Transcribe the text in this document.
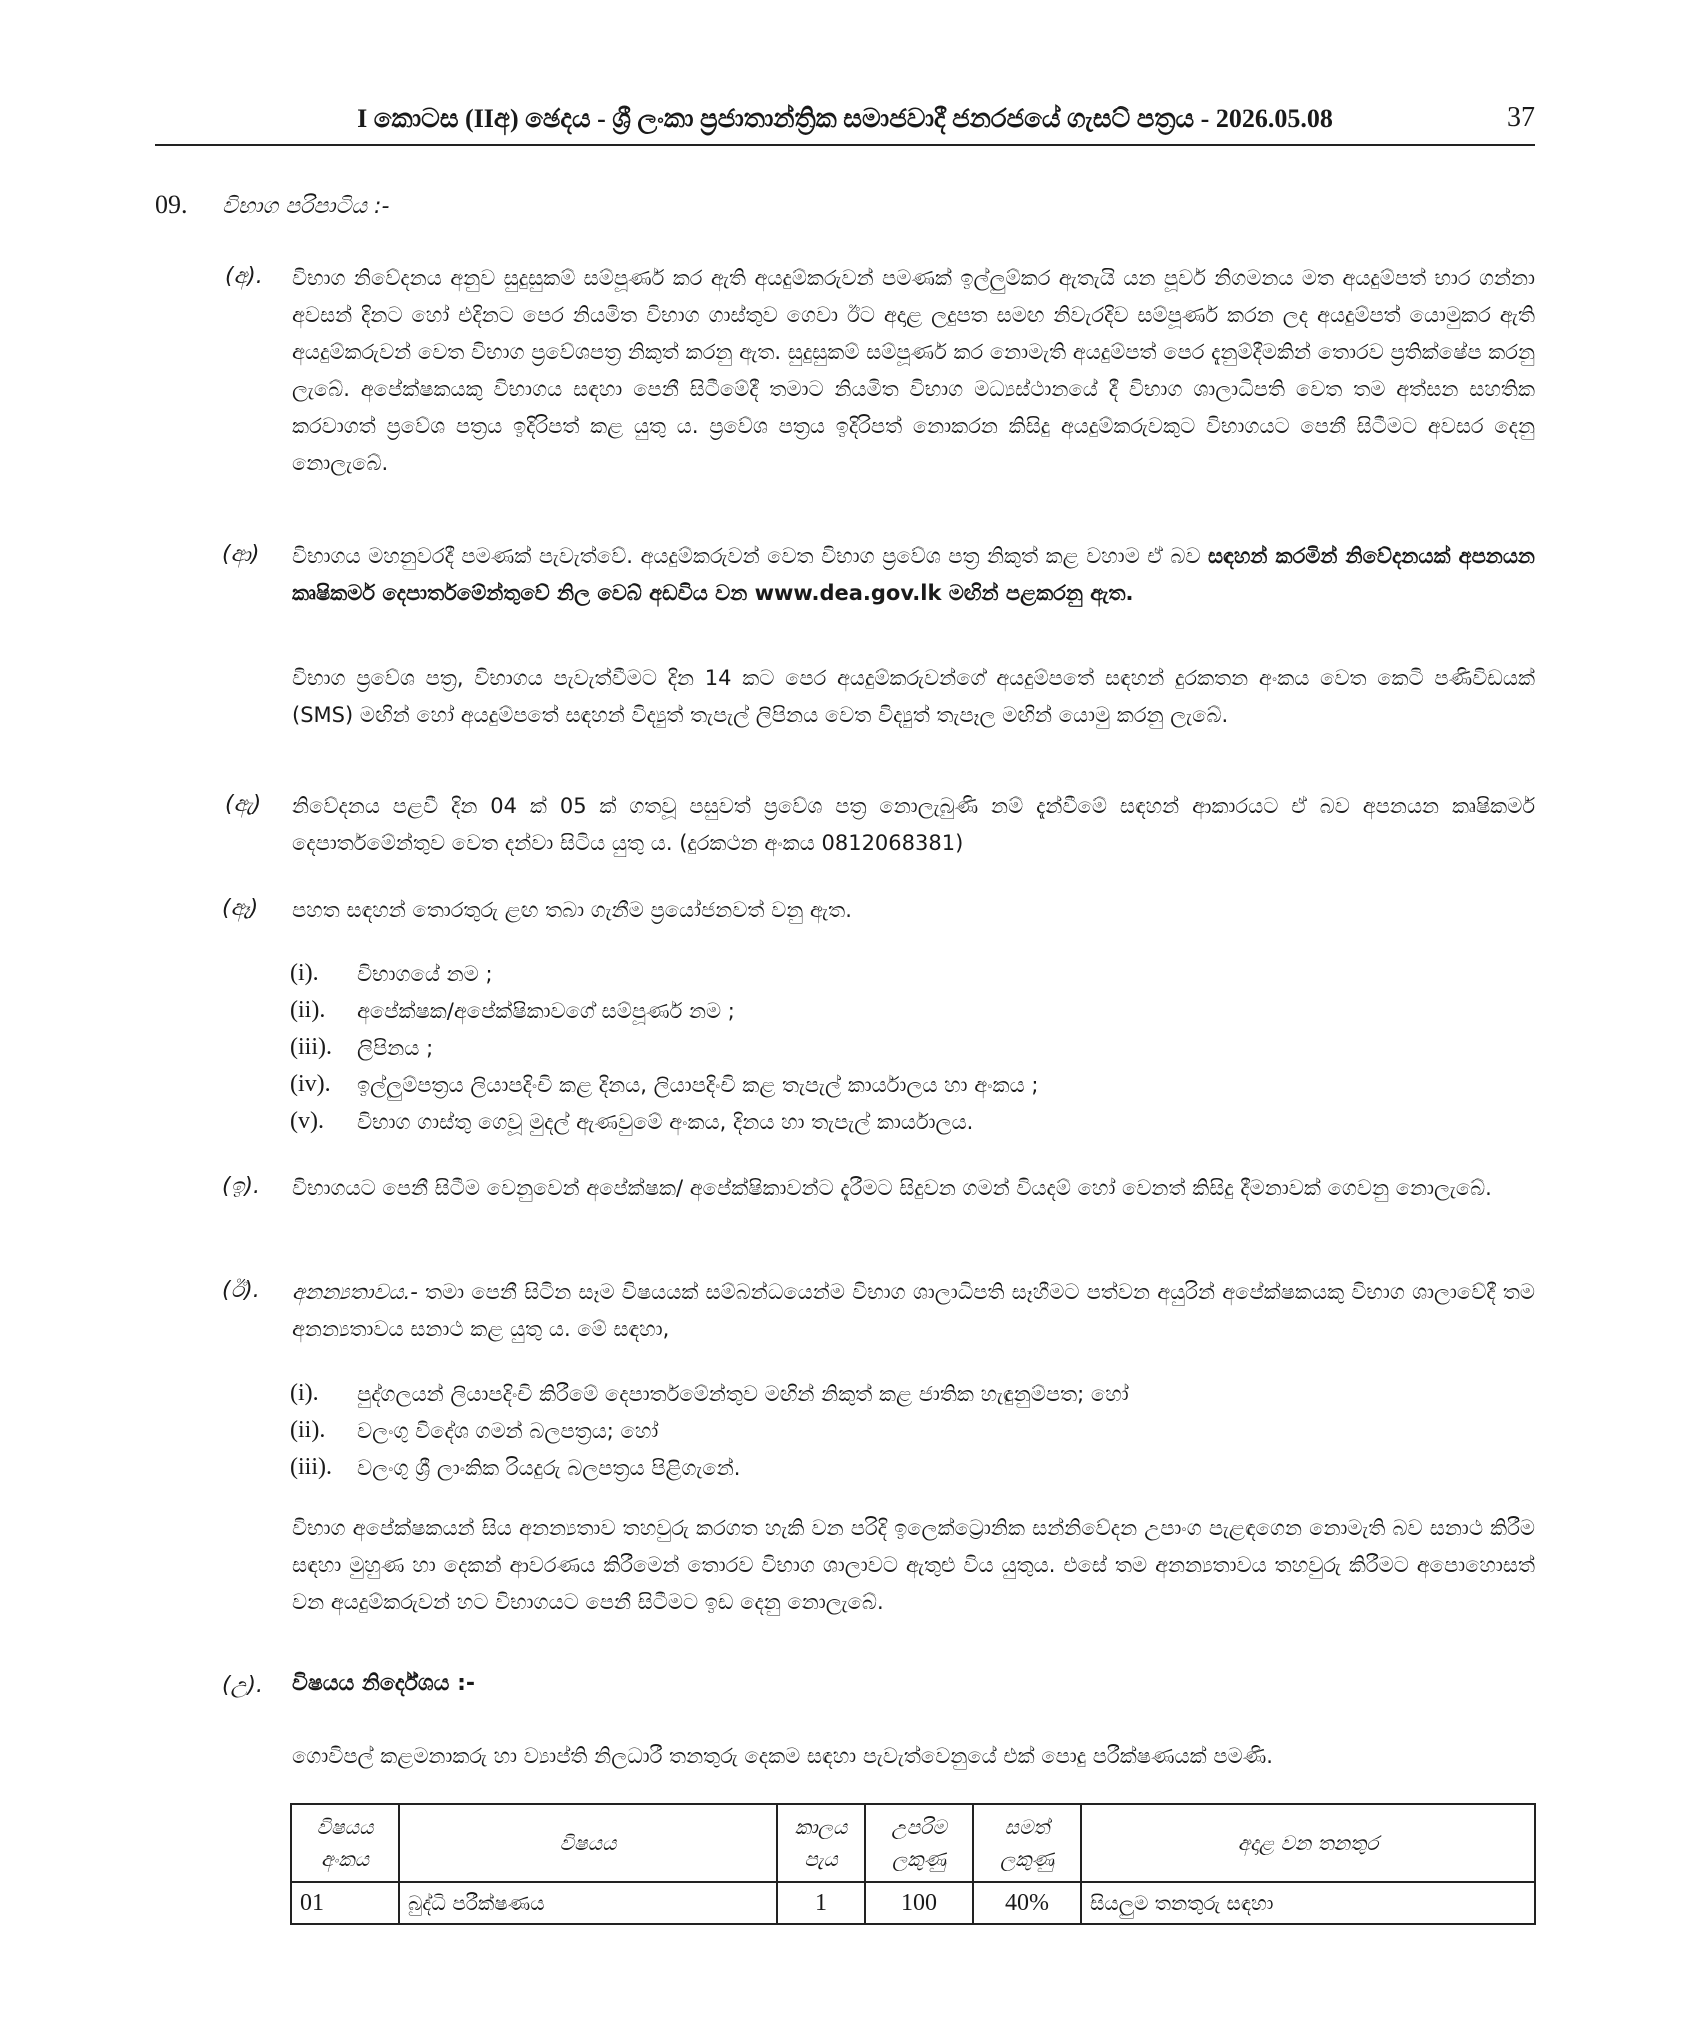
I කොටස (IIඅ) ඡෙදය - ශ්‍රී ලංකා ප්‍රජාතාන්ත්‍රික සමාජවාදී ජනරජයේ ගැසට් පත්‍රය - 2026.05.08	37
09. විභාග පරිපාටිය :-
(අ). විභාග නිවේදනය අනුව සුදුසුකම් සම්පූර්ණ කර ඇති අයදුම්කරුවන් පමණක් ඉල්ලුම්කර ඇතැයි යන පූර්ව නිගමනය මත අයදුම්පත් භාර ගන්නා අවසන් දිනට හෝ එදිනට පෙර නියමිත විභාග ගාස්තුව ගෙවා ඊට අදාළ ලදුපත සමඟ නිවැරදිව සම්පූර්ණ කරන ලද අයදුම්පත් යොමුකර ඇති අයදුම්කරුවන් වෙත විභාග ප්‍රවේශපත්‍ර නිකුත් කරනු ඇත. සුදුසුකම් සම්පූර්ණ කර නොමැති අයදුම්පත් පෙර දැනුම්දීමකින් තොරව ප්‍රතික්ෂේප කරනු ලැබේ. අපේක්ෂකයකු විභාගය සඳහා පෙනී සිටීමේදී තමාට නියමිත විභාග මධ්‍යස්ථානයේ දී විභාග ශාලාධිපති වෙත තම අත්සන සහතික කරවාගත් ප්‍රවේශ පත්‍රය ඉදිරිපත් කළ යුතු ය. ප්‍රවේශ පත්‍රය ඉදිරිපත් නොකරන කිසිදු අයදුම්කරුවකුට විභාගයට පෙනී සිටීමට අවසර දෙනු නොලැබේ.

(ආ) විභාගය මහනුවරදී පමණක් පැවැත්වේ. අයදුම්කරුවන් වෙත විභාග ප්‍රවේශ පත්‍ර නිකුත් කළ වහාම ඒ බව සඳහන් කරමින් නිවේදනයක් අපනයන කෘෂිකර්ම දෙපාර්තමේන්තුවේ නිල වෙබ් අඩවිය වන www.dea.gov.lk මඟින් පළකරනු ඇත.

විභාග ප්‍රවේශ පත්‍ර, විභාගය පැවැත්වීමට දින 14 කට පෙර අයදුම්කරුවන්ගේ අයදුම්පතේ සඳහන් දුරකතන අංකය වෙත කෙටි පණිවිඩයක් (SMS) මඟින් හෝ අයදුම්පතේ සඳහන් විද්‍යුත් තැපැල් ලිපිනය වෙත විද්‍යුත් තැපෑල මඟින් යොමු කරනු ලැබේ.

(ඇ) නිවේදනය පළවී දින 04 ක් 05 ක් ගතවූ පසුවත් ප්‍රවේශ පත්‍ර නොලැබුණි නම් දැන්වීමේ සඳහන් ආකාරයට ඒ බව අපනයන කෘෂිකර්ම දෙපාර්තමේන්තුව වෙත දන්වා සිටිය යුතු ය. (දුරකථන අංකය 0812068381)

(ඈ) පහත සඳහන් තොරතුරු ළඟ තබා ගැනීම ප්‍රයෝජනවත් වනු ඇත.

(i). විභාගයේ නම ;
(ii). අපේක්ෂක/අපේක්ෂිකාවගේ සම්පූර්ණ නම ;
(iii). ලිපිනය ;
(iv). ඉල්ලුම්පත්‍රය ලියාපදිංචි කළ දිනය, ලියාපදිංචි කළ තැපැල් කාර්යාලය හා අංකය ;
(v). විභාග ගාස්තු ගෙවූ මුදල් ඇණවුමේ අංකය, දිනය හා තැපැල් කාර්යාලය.
(ඉ). විභාගයට පෙනී සිටීම වෙනුවෙන් අපේක්ෂක/ අපේක්ෂිකාවන්ට දැරීමට සිදුවන ගමන් වියදම් හෝ වෙනත් කිසිදු දීමනාවක් ගෙවනු නොලැබේ.

(ඊ). අනන්‍යතාවය.- තමා පෙනී සිටින සෑම විෂයයක් සම්බන්ධයෙන්ම විභාග ශාලාධිපති සෑහීමට පත්වන අයුරින් අපේක්ෂකයකු විභාග ශාලාවේදී තම අනන්‍යතාවය සනාථ කළ යුතු ය. මේ සඳහා,

(i). පුද්ගලයන් ලියාපදිංචි කිරීමේ දෙපාර්තමේන්තුව මඟින් නිකුත් කළ ජාතික හැඳුනුම්පත; හෝ
(ii). වලංගු විදේශ ගමන් බලපත්‍රය; හෝ
(iii). වලංගු ශ්‍රී ලාංකික රියදුරු බලපත්‍රය පිළිගැනේ.

විභාග අපේක්ෂකයන් සිය අනන්‍යතාව තහවුරු කරගත හැකි වන පරිදි ඉලෙක්ට්‍රොනික සන්නිවේදන උපාංග පැළඳගෙන නොමැති බව සනාථ කිරීම සඳහා මුහුණ හා දෙකන් ආවරණය කිරීමෙන් තොරව විභාග ශාලාවට ඇතුළු විය යුතුය. එසේ තම අනන්‍යතාවය තහවුරු කිරීමට අපොහොසත් වන අයදුම්කරුවන් හට විභාගයට පෙනී සිටීමට ඉඩ දෙනු නොලැබේ.

(උ). විෂයය නිර්දේශය :-

ගොවිපල් කළමනාකරු හා ව්‍යාප්ති නිලධාරී තනතුරු දෙකම සඳහා පැවැත්වෙනුයේ එක් පොදු පරීක්ෂණයක් පමණි.

විෂයය අංකය	විෂයය	කාලය පැය	උපරිම ලකුණු	සමත් ලකුණු	අදාළ වන තනතුර
01	බුද්ධි පරීක්ෂණය	1	100	40%	සියලුම තනතුරු සඳහා
